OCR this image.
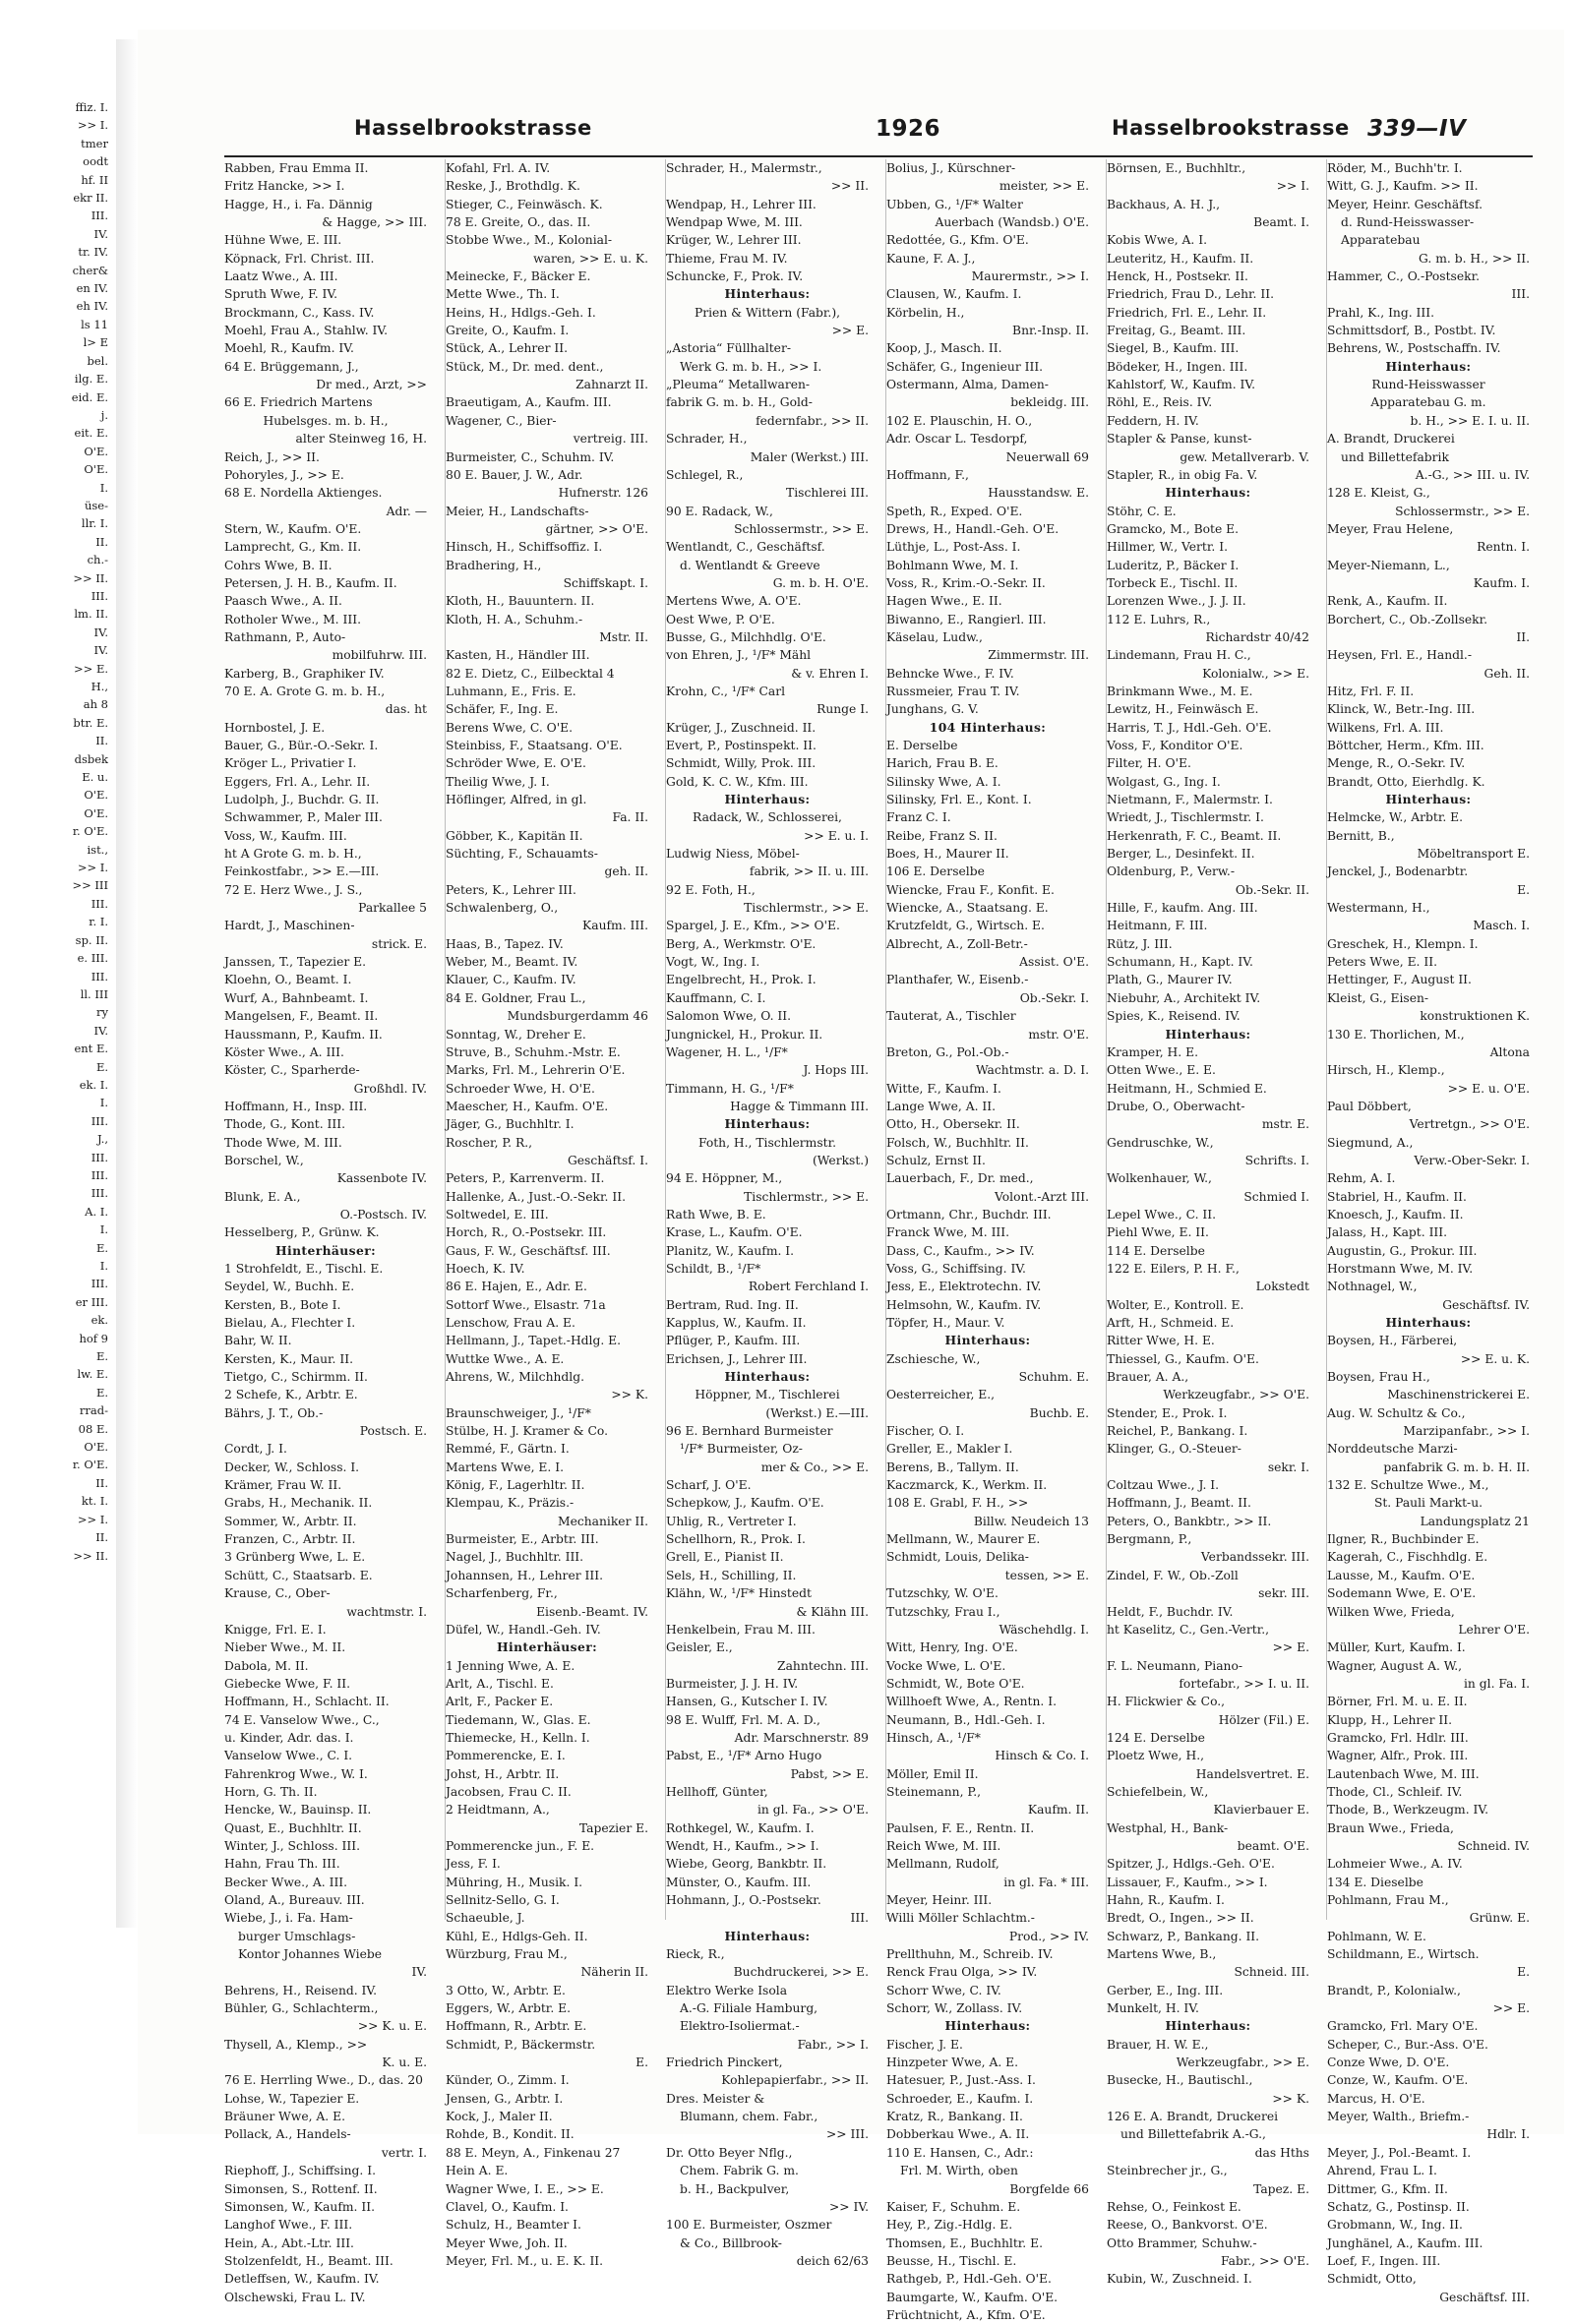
ffiz. I.
>> I.
tmer
oodt
hf. II
ekr II.
III.
IV.
tr. IV.
cher&
en IV.
eh IV.
ls 11
l> E
bel.
ilg. E.
eid. E.
j.
eit. E.
O'E.
O'E.
I.
üse-
llr. I.
II.
ch.-
>> II.
III.
lm. II.
IV.
IV.
>> E.
H.,
ah 8
btr. E.
II.
dsbek
E. u.
O'E.
O'E.
r. O'E.
ist.,
>> I.
>> III
III.
r. I.
sp. II.
e. III.
III.
ll. III
ry
IV.
ent E.
E.
ek. I.
I.
III.
J.,
III.
III.
III.
A. I.
I.
E.
I.
III.
er III.
ek.
hof 9
E.
lw. E.
E.
rrad-
08 E.
O'E.
r. O'E.
II.
kt. I.
>> I.
II.
>> II.
Hasselbrookstrasse	1926	Hasselbrookstrasse 339—IV
Rabben, Frau Emma II.
Fritz Hancke, >> I.
Hagge, H., i. Fa. Dännig
& Hagge, >> III.
Hühne Wwe, E. III.
Köpnack, Frl. Christ. III.
Laatz Wwe., A. III.
Spruth Wwe, F. IV.
Brockmann, C., Kass. IV.
Moehl, Frau A., Stahlw. IV.
Moehl, R., Kaufm. IV.
64 E. Brüggemann, J.,
Dr med., Arzt, >>
66 E. Friedrich Martens
Hubelsges. m. b. H.,
alter Steinweg 16, H.
Reich, J., >> II.
Pohoryles, J., >> E.
68 E. Nordella Aktienges.
Adr. —
Stern, W., Kaufm. O'E.
Lamprecht, G., Km. II.
Cohrs Wwe, B. II.
Petersen, J. H. B., Kaufm. II.
Paasch Wwe., A. II.
Rotholer Wwe., M. III.
Rathmann, P., Auto-
mobilfuhrw. III.
Karberg, B., Graphiker IV.
70 E. A. Grote G. m. b. H.,
das. ht
Hornbostel, J. E.
Bauer, G., Bür.-O.-Sekr. I.
Kröger L., Privatier I.
Eggers, Frl. A., Lehr. II.
Ludolph, J., Buchdr. G. II.
Schwammer, P., Maler III.
Voss, W., Kaufm. III.
ht A Grote G. m. b. H.,
Feinkostfabr., >> E.—III.
72 E. Herz Wwe., J. S.,
Parkallee 5
Hardt, J., Maschinen-
strick. E.
Janssen, T., Tapezier E.
Kloehn, O., Beamt. I.
Wurf, A., Bahnbeamt. I.
Mangelsen, F., Beamt. II.
Haussmann, P., Kaufm. II.
Köster Wwe., A. III.
Köster, C., Sparherde-
Großhdl. IV.
Hoffmann, H., Insp. III.
Thode, G., Kont. III.
Thode Wwe, M. III.
Borschel, W.,
Kassenbote IV.
Blunk, E. A.,
O.-Postsch. IV.
Hesselberg, P., Grünw. K.
Hinterhäuser:
1 Strohfeldt, E., Tischl. E.
Seydel, W., Buchh. E.
Kersten, B., Bote I.
Bielau, A., Flechter I.
Bahr, W. II.
Kersten, K., Maur. II.
Tietgo, C., Schirmm. II.
2 Schefe, K., Arbtr. E.
Bährs, J. T., Ob.-
Postsch. E.
Cordt, J. I.
Decker, W., Schloss. I.
Krämer, Frau W. II.
Grabs, H., Mechanik. II.
Sommer, W., Arbtr. II.
Franzen, C., Arbtr. II.
3 Grünberg Wwe, L. E.
Schütt, C., Staatsarb. E.
Krause, C., Ober-
wachtmstr. I.
Knigge, Frl. E. I.
Nieber Wwe., M. II.
Dabola, M. II.
Giebecke Wwe, F. II.
Hoffmann, H., Schlacht. II.
74 E. Vanselow Wwe., C.,
u. Kinder, Adr. das. I.
Vanselow Wwe., C. I.
Fahrenkrog Wwe., W. I.
Horn, G. Th. II.
Hencke, W., Bauinsp. II.
Quast, E., Buchhltr. II.
Winter, J., Schloss. III.
Hahn, Frau Th. III.
Becker Wwe., A. III.
Oland, A., Bureauv. III.
Wiebe, J., i. Fa. Ham-
burger Umschlags-
Kontor Johannes Wiebe
IV.
Behrens, H., Reisend. IV.
Bühler, G., Schlachterm.,
>> K. u. E.
Thysell, A., Klemp., >>
K. u. E.
76 E. Herrling Wwe., D., das. 20
Lohse, W., Tapezier E.
Bräuner Wwe, A. E.
Pollack, A., Handels-
vertr. I.
Riephoff, J., Schiffsing. I.
Simonsen, S., Rottenf. II.
Simonsen, W., Kaufm. II.
Langhof Wwe., F. III.
Hein, A., Abt.-Ltr. III.
Stolzenfeldt, H., Beamt. III.
Detleffsen, W., Kaufm. IV.
Olschewski, Frau L. IV.
Kofahl, Frl. A. IV.
Reske, J., Brothdlg. K.
Stieger, C., Feinwäsch. K.
78 E. Greite, O., das. II.
Stobbe Wwe., M., Kolonial-
waren, >> E. u. K.
Meinecke, F., Bäcker E.
Mette Wwe., Th. I.
Heins, H., Hdlgs.-Geh. I.
Greite, O., Kaufm. I.
Stück, A., Lehrer II.
Stück, M., Dr. med. dent.,
Zahnarzt II.
Braeutigam, A., Kaufm. III.
Wagener, C., Bier-
vertreig. III.
Burmeister, C., Schuhm. IV.
80 E. Bauer, J. W., Adr.
Hufnerstr. 126
Meier, H., Landschafts-
gärtner, >> O'E.
Hinsch, H., Schiffsoffiz. I.
Bradhering, H.,
Schiffskapt. I.
Kloth, H., Bauuntern. II.
Kloth, H. A., Schuhm.-
Mstr. II.
Kasten, H., Händler III.
82 E. Dietz, C., Eilbecktal 4
Luhmann, E., Fris. E.
Schäfer, F., Ing. E.
Berens Wwe, C. O'E.
Steinbiss, F., Staatsang. O'E.
Schröder Wwe, E. O'E.
Theilig Wwe, J. I.
Höflinger, Alfred, in gl.
Fa. II.
Göbber, K., Kapitän II.
Süchting, F., Schauamts-
geh. II.
Peters, K., Lehrer III.
Schwalenberg, O.,
Kaufm. III.
Haas, B., Tapez. IV.
Weber, M., Beamt. IV.
Klauer, C., Kaufm. IV.
84 E. Goldner, Frau L.,
Mundsburgerdamm 46
Sonntag, W., Dreher E.
Struve, B., Schuhm.-Mstr. E.
Marks, Frl. M., Lehrerin O'E.
Schroeder Wwe, H. O'E.
Maescher, H., Kaufm. O'E.
Jäger, G., Buchhltr. I.
Roscher, P. R.,
Geschäftsf. I.
Peters, P., Karrenverm. II.
Hallenke, A., Just.-O.-Sekr. II.
Soltwedel, E. III.
Horch, R., O.-Postsekr. III.
Gaus, F. W., Geschäftsf. III.
Hoech, K. IV.
86 E. Hajen, E., Adr. E.
Sottorf Wwe., Elsastr. 71a
Lenschow, Frau A. E.
Hellmann, J., Tapet.-Hdlg. E.
Wuttke Wwe., A. E.
Ahrens, W., Milchhdlg.
>> K.
Braunschweiger, J., ¹/F*
Stülbe, H. J. Kramer & Co.
Remmé, F., Gärtn. I.
Martens Wwe, E. I.
König, F., Lagerhltr. II.
Klempau, K., Präzis.-
Mechaniker II.
Burmeister, E., Arbtr. III.
Nagel, J., Buchhltr. III.
Johannsen, H., Lehrer III.
Scharfenberg, Fr.,
Eisenb.-Beamt. IV.
Düfel, W., Handl.-Geh. IV.
Hinterhäuser:
1 Jenning Wwe, A. E.
Arlt, A., Tischl. E.
Arlt, F., Packer E.
Tiedemann, W., Glas. E.
Thiemecke, H., Kelln. I.
Pommerencke, E. I.
Johst, H., Arbtr. II.
Jacobsen, Frau C. II.
2 Heidtmann, A.,
Tapezier E.
Pommerencke jun., F. E.
Jess, F. I.
Mühring, H., Musik. I.
Sellnitz-Sello, G. I.
Schaeuble, J.
Kühl, E., Hdlgs-Geh. II.
Würzburg, Frau M.,
Näherin II.
3 Otto, W., Arbtr. E.
Eggers, W., Arbtr. E.
Hoffmann, R., Arbtr. E.
Schmidt, P., Bäckermstr.
E.
Künder, O., Zimm. I.
Jensen, G., Arbtr. I.
Kock, J., Maler II.
Rohde, B., Kondit. II.
88 E. Meyn, A., Finkenau 27
Hein A. E.
Wagner Wwe, I. E., >> E.
Clavel, O., Kaufm. I.
Schulz, H., Beamter I.
Meyer Wwe, Joh. II.
Meyer, Frl. M., u. E. K. II.
Schrader, H., Malermstr.,
>> II.
Wendpap, H., Lehrer III.
Wendpap Wwe, M. III.
Krüger, W., Lehrer III.
Thieme, Frau M. IV.
Schuncke, F., Prok. IV.
Hinterhaus:
Prien & Wittern (Fabr.),
>> E.
„Astoria“ Füllhalter-
Werk G. m. b. H., >> I.
„Pleuma“ Metallwaren-
fabrik G. m. b. H., Gold-
federnfabr., >> II.
Schrader, H.,
Maler (Werkst.) III.
Schlegel, R.,
Tischlerei III.
90 E. Radack, W.,
Schlossermstr., >> E.
Wentlandt, C., Geschäftsf.
d. Wentlandt & Greeve
G. m. b. H. O'E.
Mertens Wwe, A. O'E.
Oest Wwe, P. O'E.
Busse, G., Milchhdlg. O'E.
von Ehren, J., ¹/F* Mähl
& v. Ehren I.
Krohn, C., ¹/F* Carl
Runge I.
Krüger, J., Zuschneid. II.
Evert, P., Postinspekt. II.
Schmidt, Willy, Prok. III.
Gold, K. C. W., Kfm. III.
Hinterhaus:
Radack, W., Schlosserei,
>> E. u. I.
Ludwig Niess, Möbel-
fabrik, >> II. u. III.
92 E. Foth, H.,
Tischlermstr., >> E.
Spargel, J. E., Kfm., >> O'E.
Berg, A., Werkmstr. O'E.
Vogt, W., Ing. I.
Engelbrecht, H., Prok. I.
Kauffmann, C. I.
Salomon Wwe, O. II.
Jungnickel, H., Prokur. II.
Wagener, H. L., ¹/F*
J. Hops III.
Timmann, H. G., ¹/F*
Hagge & Timmann III.
Hinterhaus:
Foth, H., Tischlermstr.
(Werkst.)
94 E. Höppner, M.,
Tischlermstr., >> E.
Rath Wwe, B. E.
Krase, L., Kaufm. O'E.
Planitz, W., Kaufm. I.
Schildt, B., ¹/F*
Robert Ferchland I.
Bertram, Rud. Ing. II.
Kapplus, W., Kaufm. II.
Pflüger, P., Kaufm. III.
Erichsen, J., Lehrer III.
Hinterhaus:
Höppner, M., Tischlerei
(Werkst.) E.—III.
96 E. Bernhard Burmeister
¹/F* Burmeister, Oz-
mer & Co., >> E.
Scharf, J. O'E.
Schepkow, J., Kaufm. O'E.
Uhlig, R., Vertreter I.
Schellhorn, R., Prok. I.
Grell, E., Pianist II.
Sels, H., Schilling, II.
Klähn, W., ¹/F* Hinstedt
& Klähn III.
Henkelbein, Frau M. III.
Geisler, E.,
Zahntechn. III.
Burmeister, J. J. H. IV.
Hansen, G., Kutscher I. IV.
98 E. Wulff, Frl. M. A. D.,
Adr. Marschnerstr. 89
Pabst, E., ¹/F* Arno Hugo
Pabst, >> E.
Hellhoff, Günter,
in gl. Fa., >> O'E.
Rothkegel, W., Kaufm. I.
Wendt, H., Kaufm., >> I.
Wiebe, Georg, Bankbtr. II.
Münster, O., Kaufm. III.
Hohmann, J., O.-Postsekr.
III.
Hinterhaus:
Rieck, R.,
Buchdruckerei, >> E.
Elektro Werke Isola
A.-G. Filiale Hamburg,
Elektro-Isoliermat.-
Fabr., >> I.
Friedrich Pinckert,
Kohlepapierfabr., >> II.
Dres. Meister &
Blumann, chem. Fabr.,
>> III.
Dr. Otto Beyer Nflg.,
Chem. Fabrik G. m.
b. H., Backpulver,
>> IV.
100 E. Burmeister, Oszmer
& Co., Billbrook-
deich 62/63
Bolius, J., Kürschner-
meister, >> E.
Ubben, G., ¹/F* Walter
Auerbach (Wandsb.) O'E.
Redottée, G., Kfm. O'E.
Kaune, F. A. J.,
Maurermstr., >> I.
Clausen, W., Kaufm. I.
Körbelin, H.,
Bnr.-Insp. II.
Koop, J., Masch. II.
Schäfer, G., Ingenieur III.
Ostermann, Alma, Damen-
bekleidg. III.
102 E. Plauschin, H. O.,
Adr. Oscar L. Tesdorpf,
Neuerwall 69
Hoffmann, F.,
Hausstandsw. E.
Speth, R., Exped. O'E.
Drews, H., Handl.-Geh. O'E.
Lüthje, L., Post-Ass. I.
Bohlmann Wwe, M. I.
Voss, R., Krim.-O.-Sekr. II.
Hagen Wwe., E. II.
Biwanno, E., Rangierl. III.
Käselau, Ludw.,
Zimmermstr. III.
Behncke Wwe., F. IV.
Russmeier, Frau T. IV.
Junghans, G. V.
104 Hinterhaus:
E. Derselbe
Harich, Frau B. E.
Silinsky Wwe, A. I.
Silinsky, Frl. E., Kont. I.
Franz C. I.
Reibe, Franz S. II.
Boes, H., Maurer II.
106 E. Derselbe
Wiencke, Frau F., Konfit. E.
Wiencke, A., Staatsang. E.
Krutzfeldt, G., Wirtsch. E.
Albrecht, A., Zoll-Betr.-
Assist. O'E.
Planthafer, W., Eisenb.-
Ob.-Sekr. I.
Tauterat, A., Tischler
mstr. O'E.
Breton, G., Pol.-Ob.-
Wachtmstr. a. D. I.
Witte, F., Kaufm. I.
Lange Wwe, A. II.
Otto, H., Obersekr. II.
Folsch, W., Buchhltr. II.
Schulz, Ernst II.
Lauerbach, F., Dr. med.,
Volont.-Arzt III.
Ortmann, Chr., Buchdr. III.
Franck Wwe, M. III.
Dass, C., Kaufm., >> IV.
Voss, G., Schiffsing. IV.
Jess, E., Elektrotechn. IV.
Helmsohn, W., Kaufm. IV.
Töpfer, H., Maur. V.
Hinterhaus:
Zschiesche, W.,
Schuhm. E.
Oesterreicher, E.,
Buchb. E.
Fischer, O. I.
Greller, E., Makler I.
Berens, B., Tallym. II.
Kaczmarck, K., Werkm. II.
108 E. Grabl, F. H., >>
Billw. Neudeich 13
Mellmann, W., Maurer E.
Schmidt, Louis, Delika-
tessen, >> E.
Tutzschky, W. O'E.
Tutzschky, Frau I.,
Wäschehdlg. I.
Witt, Henry, Ing. O'E.
Vocke Wwe, L. O'E.
Schmidt, W., Bote O'E.
Willhoeft Wwe, A., Rentn. I.
Neumann, B., Hdl.-Geh. I.
Hinsch, A., ¹/F*
Hinsch & Co. I.
Möller, Emil II.
Steinemann, P.,
Kaufm. II.
Paulsen, F. E., Rentn. II.
Reich Wwe, M. III.
Mellmann, Rudolf,
in gl. Fa. * III.
Meyer, Heinr. III.
Willi Möller Schlachtm.-
Prod., >> IV.
Prellthuhn, M., Schreib. IV.
Renck Frau Olga, >> IV.
Schorr Wwe, C. IV.
Schorr, W., Zollass. IV.
Hinterhaus:
Fischer, J. E.
Hinzpeter Wwe, A. E.
Hatesuer, P., Just.-Ass. I.
Schroeder, E., Kaufm. I.
Kratz, R., Bankang. II.
Dobberkau Wwe., A. II.
110 E. Hansen, C., Adr.:
Frl. M. Wirth, oben
Borgfelde 66
Kaiser, F., Schuhm. E.
Hey, P., Zig.-Hdlg. E.
Thomsen, E., Buchhltr. E.
Beusse, H., Tischl. E.
Rathgeb, P., Hdl.-Geh. O'E.
Baumgarte, W., Kaufm. O'E.
Früchtnicht, A., Kfm. O'E.
Börnsen, E., Buchhltr.,
>> I.
Backhaus, A. H. J.,
Beamt. I.
Kobis Wwe, A. I.
Leuteritz, H., Kaufm. II.
Henck, H., Postsekr. II.
Friedrich, Frau D., Lehr. II.
Friedrich, Frl. E., Lehr. II.
Freitag, G., Beamt. III.
Siegel, B., Kaufm. III.
Bödeker, H., Ingen. III.
Kahlstorf, W., Kaufm. IV.
Röhl, E., Reis. IV.
Feddern, H. IV.
Stapler & Panse, kunst-
gew. Metallverarb. V.
Stapler, R., in obig Fa. V.
Hinterhaus:
Stöhr, C. E.
Gramcko, M., Bote E.
Hillmer, W., Vertr. I.
Luderitz, P., Bäcker I.
Torbeck E., Tischl. II.
Lorenzen Wwe., J. J. II.
112 E. Luhrs, R.,
Richardstr 40/42
Lindemann, Frau H. C.,
Kolonialw., >> E.
Brinkmann Wwe., M. E.
Lewitz, H., Feinwäsch E.
Harris, T. J., Hdl.-Geh. O'E.
Voss, F., Konditor O'E.
Filter, H. O'E.
Wolgast, G., Ing. I.
Nietmann, F., Malermstr. I.
Wriedt, J., Tischlermstr. I.
Herkenrath, F. C., Beamt. II.
Berger, L., Desinfekt. II.
Oldenburg, P., Verw.-
Ob.-Sekr. II.
Hille, F., kaufm. Ang. III.
Heitmann, F. III.
Rütz, J. III.
Schumann, H., Kapt. IV.
Plath, G., Maurer IV.
Niebuhr, A., Architekt IV.
Spies, K., Reisend. IV.
Hinterhaus:
Kramper, H. E.
Otten Wwe., E. E.
Heitmann, H., Schmied E.
Drube, O., Oberwacht-
mstr. E.
Gendruschke, W.,
Schrifts. I.
Wolkenhauer, W.,
Schmied I.
Lepel Wwe., C. II.
Piehl Wwe, E. II.
114 E. Derselbe
122 E. Eilers, P. H. F.,
Lokstedt
Wolter, E., Kontroll. E.
Arft, H., Schmeid. E.
Ritter Wwe, H. E.
Thiessel, G., Kaufm. O'E.
Brauer, A. A.,
Werkzeugfabr., >> O'E.
Stender, E., Prok. I.
Reichel, P., Bankang. I.
Klinger, G., O.-Steuer-
sekr. I.
Coltzau Wwe., J. I.
Hoffmann, J., Beamt. II.
Peters, O., Bankbtr., >> II.
Bergmann, P.,
Verbandssekr. III.
Zindel, F. W., Ob.-Zoll
sekr. III.
Heldt, F., Buchdr. IV.
ht Kaselitz, C., Gen.-Vertr.,
>> E.
F. L. Neumann, Piano-
fortefabr., >> I. u. II.
H. Flickwier & Co.,
Hölzer (Fil.) E.
124 E. Derselbe
Ploetz Wwe, H.,
Handelsvertret. E.
Schiefelbein, W.,
Klavierbauer E.
Westphal, H., Bank-
beamt. O'E.
Spitzer, J., Hdlgs.-Geh. O'E.
Lissauer, F., Kaufm., >> I.
Hahn, R., Kaufm. I.
Bredt, O., Ingen., >> II.
Schwarz, P., Bankang. II.
Martens Wwe, B.,
Schneid. III.
Gerber, E., Ing. III.
Munkelt, H. IV.
Hinterhaus:
Brauer, H. W. E.,
Werkzeugfabr., >> E.
Busecke, H., Bautischl.,
>> K.
126 E. A. Brandt, Druckerei
und Billettefabrik A.-G.,
das Hths
Steinbrecher jr., G.,
Tapez. E.
Rehse, O., Feinkost E.
Reese, O., Bankvorst. O'E.
Otto Brammer, Schuhw.-
Fabr., >> O'E.
Kubin, W., Zuschneid. I.
Röder, M., Buchh'tr. I.
Witt, G. J., Kaufm. >> II.
Meyer, Heinr. Geschäftsf.
d. Rund-Heisswasser-
Apparatebau
G. m. b. H., >> II.
Hammer, C., O.-Postsekr.
III.
Prahl, K., Ing. III.
Schmittsdorf, B., Postbt. IV.
Behrens, W., Postschaffn. IV.
Hinterhaus:
Rund-Heisswasser
Apparatebau G. m.
b. H., >> E. I. u. II.
A. Brandt, Druckerei
und Billettefabrik
A.-G., >> III. u. IV.
128 E. Kleist, G.,
Schlossermstr., >> E.
Meyer, Frau Helene,
Rentn. I.
Meyer-Niemann, L.,
Kaufm. I.
Renk, A., Kaufm. II.
Borchert, C., Ob.-Zollsekr.
II.
Heysen, Frl. E., Handl.-
Geh. II.
Hitz, Frl. F. II.
Klinck, W., Betr.-Ing. III.
Wilkens, Frl. A. III.
Böttcher, Herm., Kfm. III.
Menge, R., O.-Sekr. IV.
Brandt, Otto, Eierhdlg. K.
Hinterhaus:
Helmcke, W., Arbtr. E.
Bernitt, B.,
Möbeltransport E.
Jenckel, J., Bodenarbtr.
E.
Westermann, H.,
Masch. I.
Greschek, H., Klempn. I.
Peters Wwe, E. II.
Hettinger, F., August II.
Kleist, G., Eisen-
konstruktionen K.
130 E. Thorlichen, M.,
Altona
Hirsch, H., Klemp.,
>> E. u. O'E.
Paul Döbbert,
Vertretgn., >> O'E.
Siegmund, A.,
Verw.-Ober-Sekr. I.
Rehm, A. I.
Stabriel, H., Kaufm. II.
Knoesch, J., Kaufm. II.
Jalass, H., Kapt. III.
Augustin, G., Prokur. III.
Horstmann Wwe, M. IV.
Nothnagel, W.,
Geschäftsf. IV.
Hinterhaus:
Boysen, H., Färberei,
>> E. u. K.
Boysen, Frau H.,
Maschinenstrickerei E.
Aug. W. Schultz & Co.,
Marzipanfabr., >> I.
Norddeutsche Marzi-
panfabrik G. m. b. H. II.
132 E. Schultze Wwe., M.,
St. Pauli Markt-u.
Landungsplatz 21
Ilgner, R., Buchbinder E.
Kagerah, C., Fischhdlg. E.
Lausse, M., Kaufm. O'E.
Sodemann Wwe, E. O'E.
Wilken Wwe, Frieda,
Lehrer O'E.
Müller, Kurt, Kaufm. I.
Wagner, August A. W.,
in gl. Fa. I.
Börner, Frl. M. u. E. II.
Klupp, H., Lehrer II.
Gramcko, Frl. Hdlr. III.
Wagner, Alfr., Prok. III.
Lautenbach Wwe, M. III.
Thode, Cl., Schleif. IV.
Thode, B., Werkzeugm. IV.
Braun Wwe., Frieda,
Schneid. IV.
Lohmeier Wwe., A. IV.
134 E. Dieselbe
Pohlmann, Frau M.,
Grünw. E.
Pohlmann, W. E.
Schildmann, E., Wirtsch.
E.
Brandt, P., Kolonialw.,
>> E.
Gramcko, Frl. Mary O'E.
Scheper, C., Bur.-Ass. O'E.
Conze Wwe, D. O'E.
Conze, W., Kaufm. O'E.
Marcus, H. O'E.
Meyer, Walth., Briefm.-
Hdlr. I.
Meyer, J., Pol.-Beamt. I.
Ahrend, Frau L. I.
Dittmer, G., Kfm. II.
Schatz, G., Postinsp. II.
Grobmann, W., Ing. II.
Junghänel, A., Kaufm. III.
Loef, F., Ingen. III.
Schmidt, Otto,
Geschäftsf. III.
